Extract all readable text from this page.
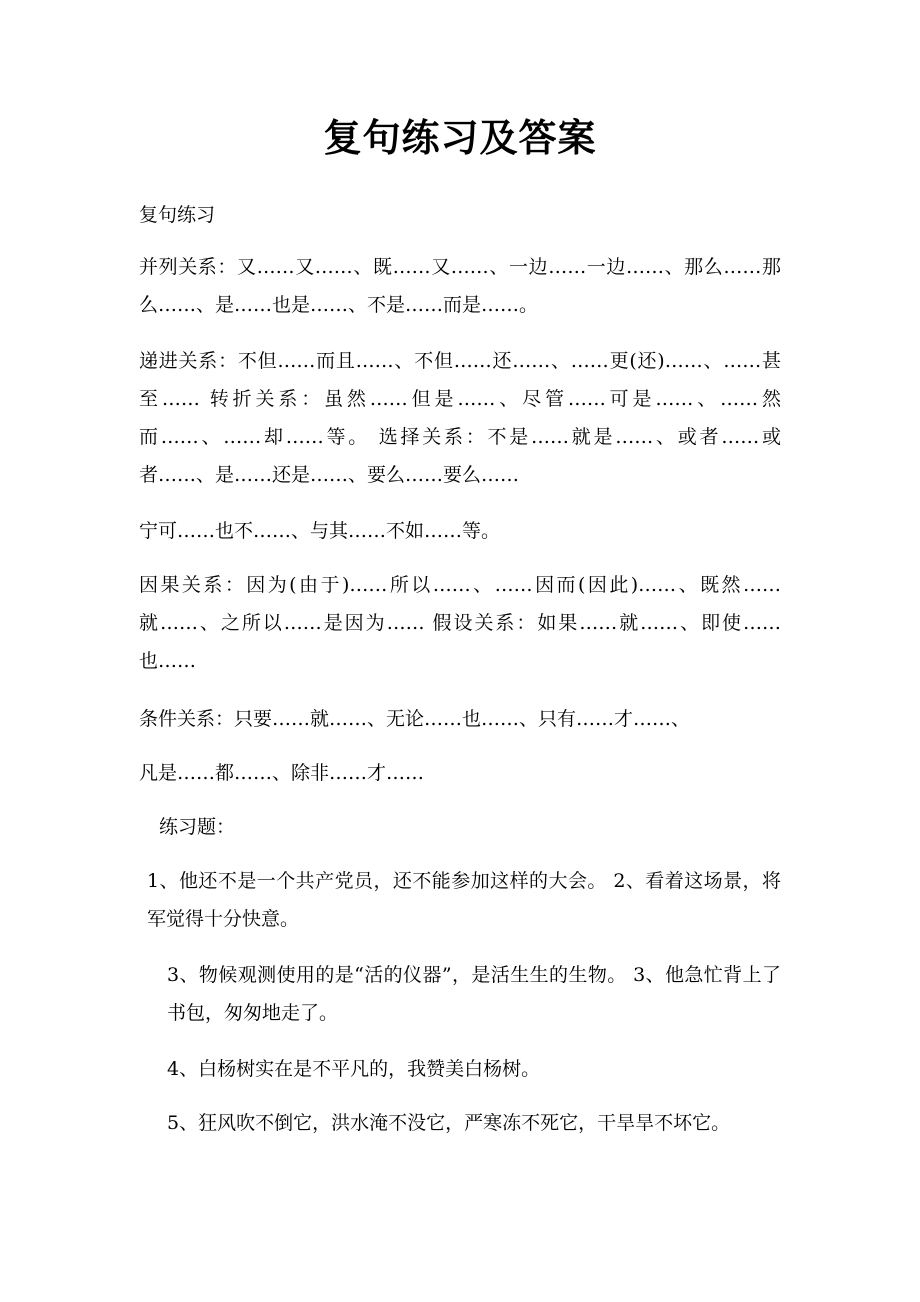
复句练习及答案
复句练习
并列关系：又……又……、既……又……、一边……一边……、那么……那么……、是……也是……、不是……而是……。
递进关系：不但……而且……、不但……还……、……更(还)……、……甚至…… 转折关系：虽然……但是……、尽管……可是……、……然而……、……却……等。 选择关系：不是……就是……、或者……或者……、是……还是……、要么……要么……
宁可……也不……、与其……不如……等。
因果关系：因为(由于)……所以……、……因而(因此)……、既然……就……、之所以……是因为…… 假设关系：如果……就……、即使……也……
条件关系：只要……就……、无论……也……、只有……才……、
凡是……都……、除非……才……
练习题：
1、他还不是一个共产党员，还不能参加这样的大会。 2、看着这场景，将军觉得十分快意。
3、物候观测使用的是“活的仪器”，是活生生的生物。 3、他急忙背上了书包，匆匆地走了。
4、白杨树实在是不平凡的，我赞美白杨树。
5、狂风吹不倒它，洪水淹不没它，严寒冻不死它，干旱旱不坏它。
